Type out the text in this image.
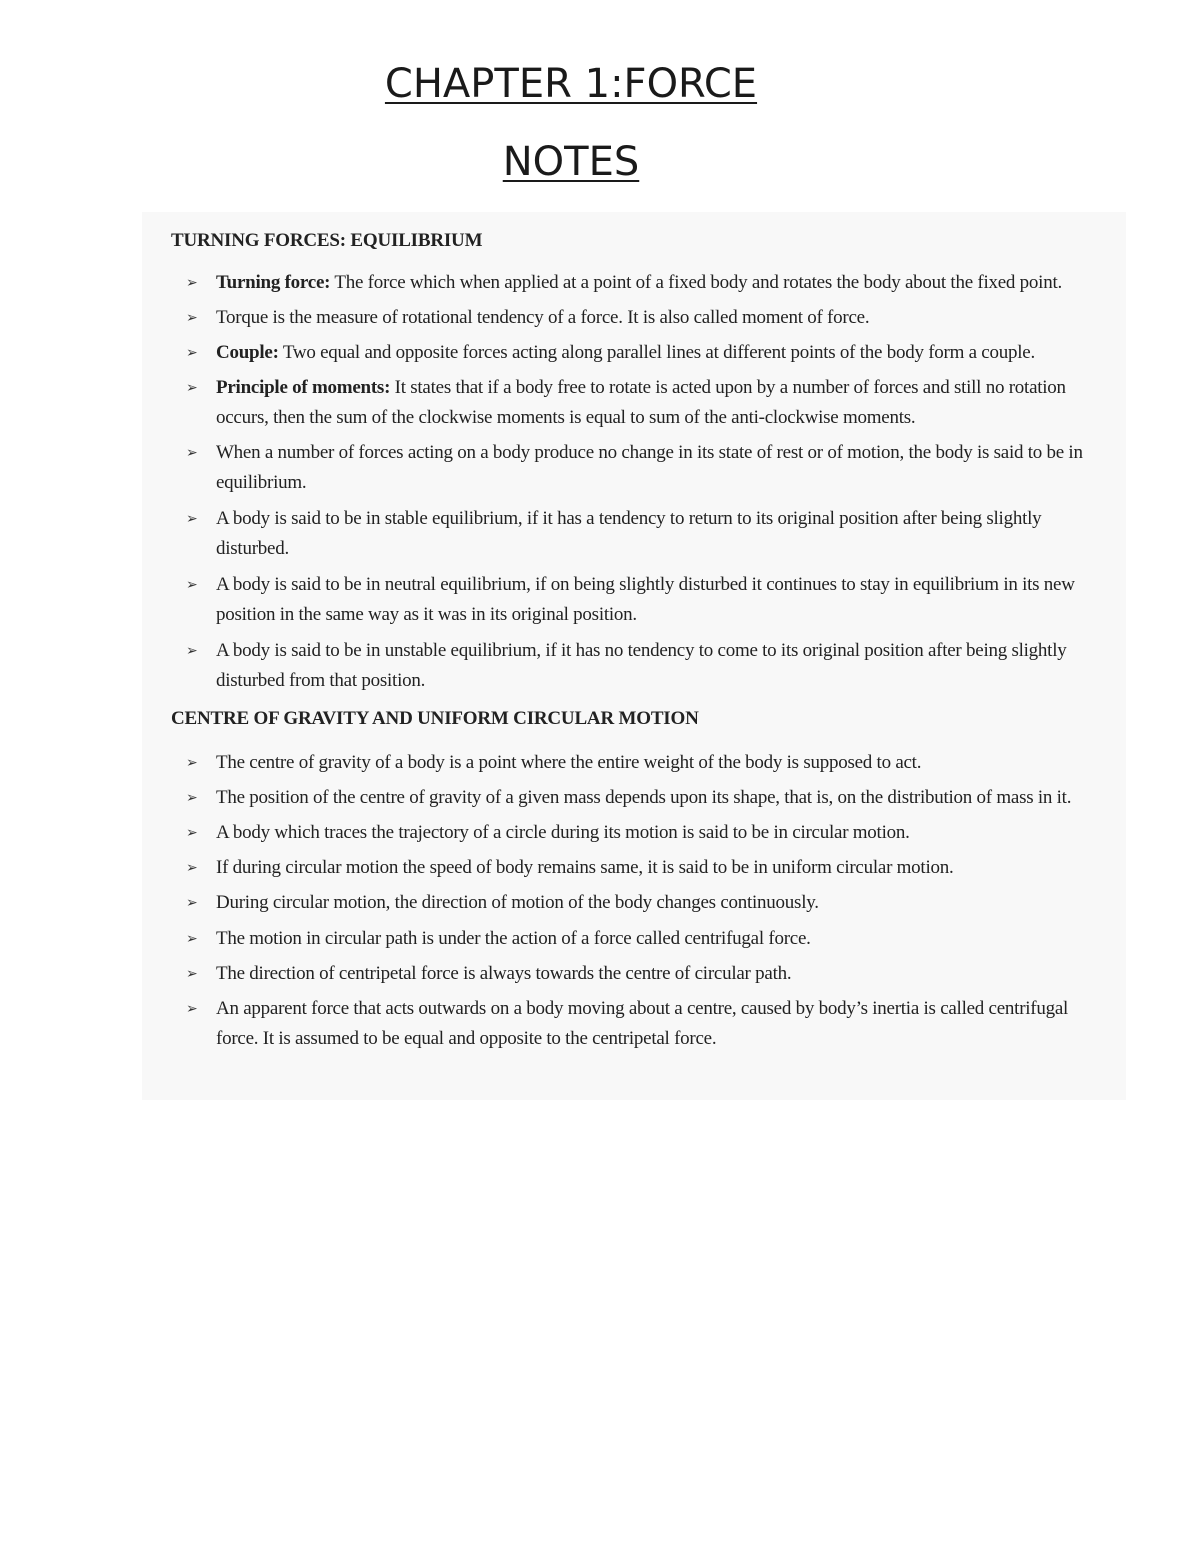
CHAPTER 1:FORCE
NOTES
TURNING FORCES: EQUILIBRIUM
➢ Turning force: The force which when applied at a point of a fixed body and rotates the body about the fixed point.
➢ Torque is the measure of rotational tendency of a force. It is also called moment of force.
➢ Couple: Two equal and opposite forces acting along parallel lines at different points of the body form a couple.
➢ Principle of moments: It states that if a body free to rotate is acted upon by a number of forces and still no rotation occurs, then the sum of the clockwise moments is equal to sum of the anti-clockwise moments.
➢ When a number of forces acting on a body produce no change in its state of rest or of motion, the body is said to be in equilibrium.
➢ A body is said to be in stable equilibrium, if it has a tendency to return to its original position after being slightly disturbed.
➢ A body is said to be in neutral equilibrium, if on being slightly disturbed it continues to stay in equilibrium in its new position in the same way as it was in its original position.
➢ A body is said to be in unstable equilibrium, if it has no tendency to come to its original position after being slightly disturbed from that position.
CENTRE OF GRAVITY AND UNIFORM CIRCULAR MOTION
➢ The centre of gravity of a body is a point where the entire weight of the body is supposed to act.
➢ The position of the centre of gravity of a given mass depends upon its shape, that is, on the distribution of mass in it.
➢ A body which traces the trajectory of a circle during its motion is said to be in circular motion.
➢ If during circular motion the speed of body remains same, it is said to be in uniform circular motion.
➢ During circular motion, the direction of motion of the body changes continuously.
➢ The motion in circular path is under the action of a force called centrifugal force.
➢ The direction of centripetal force is always towards the centre of circular path.
➢ An apparent force that acts outwards on a body moving about a centre, caused by body’s inertia is called centrifugal force. It is assumed to be equal and opposite to the centripetal force.
